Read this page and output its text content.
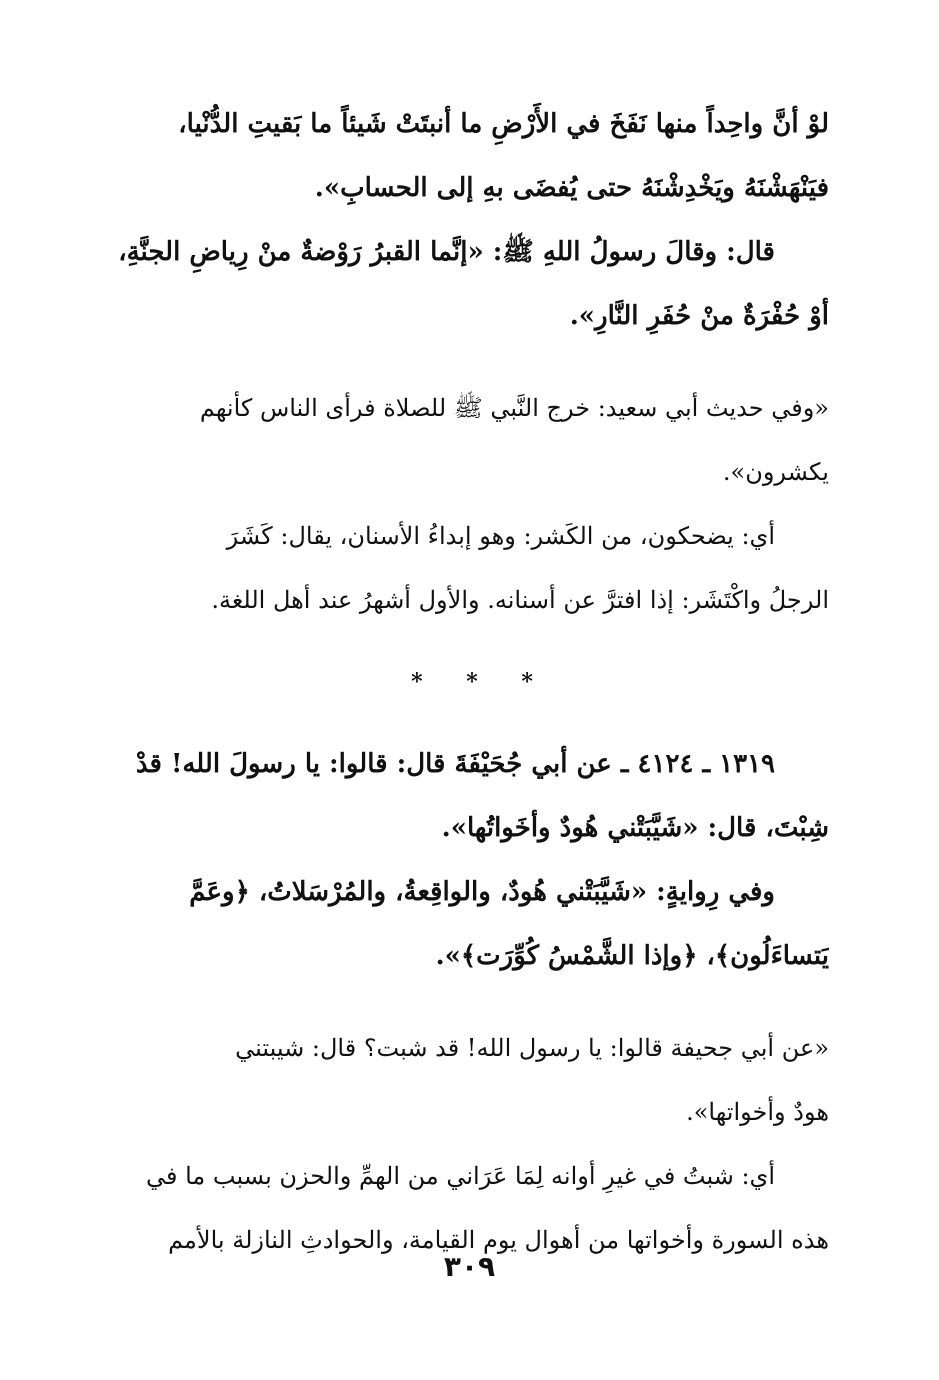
لوْ أنَّ واحِداً منها نَفَخَ في الأَرْضِ ما أنبتَتْ شَيئاً ما بَقيتِ الدُّنْيا،
فيَنْهَشْنَهُ ويَخْدِشْنَهُ حتى يُفضَى بهِ إلى الحسابِ».
قال: وقالَ رسولُ اللهِ ﷺ: «إنَّما القبرُ رَوْضةٌ منْ رِياضِ الجنَّةِ،
أوْ حُفْرَةٌ منْ حُفَرِ النَّارِ».
«وفي حديث أبي سعيد: خرج النَّبي ﷺ للصلاة فرأى الناس كأنهم
يكشرون».
أي: يضحكون، من الكَشر: وهو إبداءُ الأسنان، يقال: كَشَرَ
الرجلُ واكْتَشَر: إذا افترَّ عن أسنانه. والأول أشهرُ عند أهل اللغة.
* * *
١٣١٩ ـ ٤١٢٤ ـ عن أبي جُحَيْفَةَ قال: قالوا: يا رسولَ الله! قدْ
شِبْتَ، قال: «شَيَّبَتْني هُودٌ وأخَواتُها».
وفي رِوايةٍ: «شَيَّبَتْني هُودٌ، والواقِعةُ، والمُرْسَلاتُ، ﴿وعَمَّ
يَتساءَلُون﴾، ﴿وإذا الشَّمْسُ كُوِّرَت﴾».
«عن أبي جحيفة قالوا: يا رسول الله! قد شبت؟ قال: شيبتني
هودٌ وأخواتها».
أي: شبتُ في غيرِ أوانه لِمَا عَرَاني من الهمِّ والحزن بسبب ما في
هذه السورة وأخواتها من أهوال يوم القيامة، والحوادثِ النازلة بالأمم
٣٠٩
